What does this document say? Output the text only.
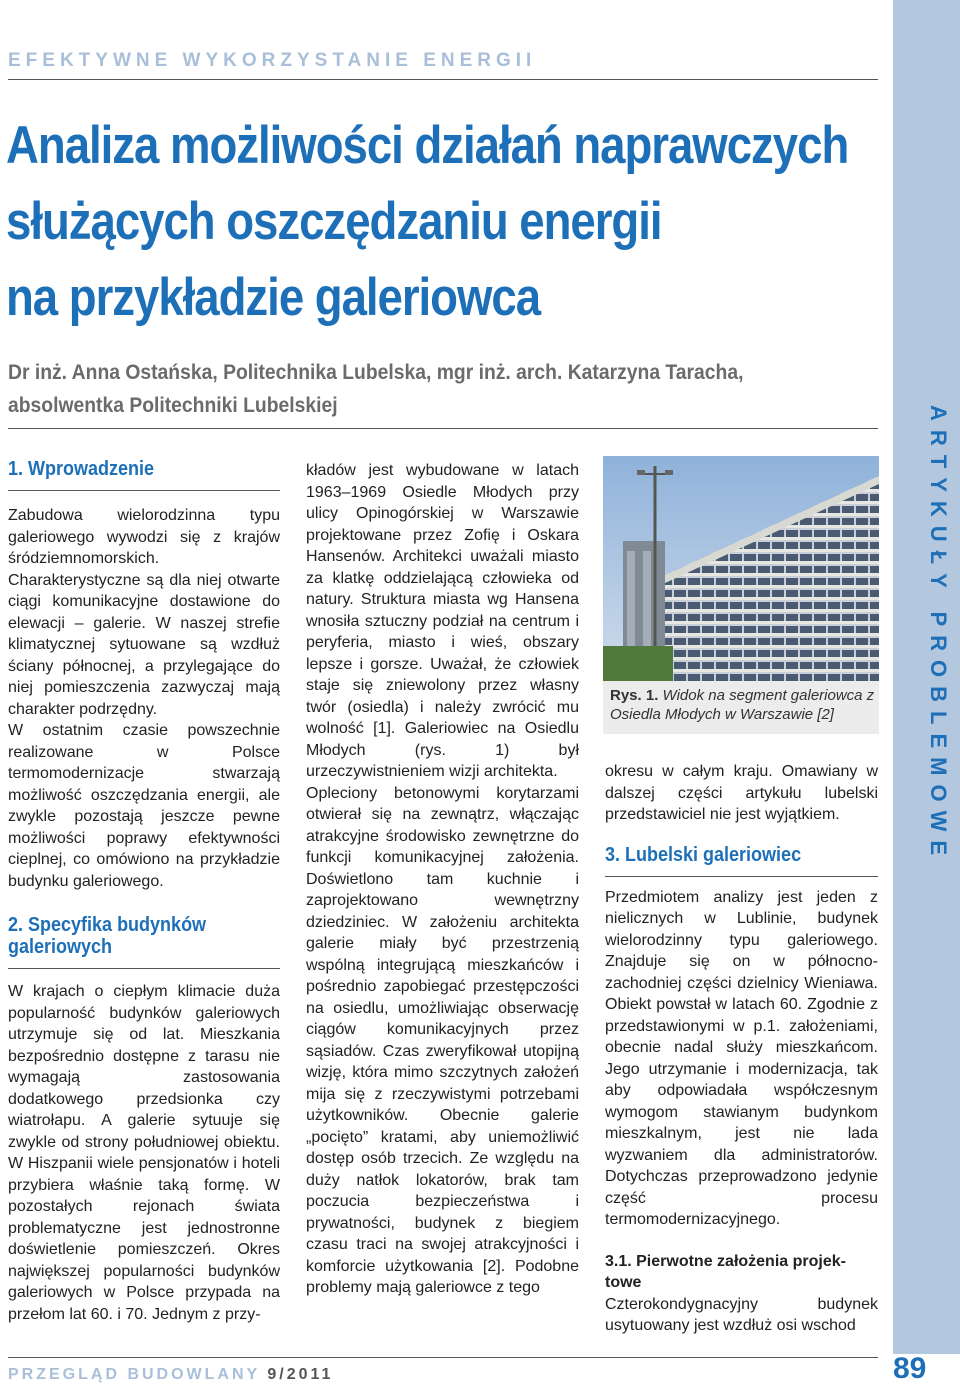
EFEKTYWNE WYKORZYSTANIE ENERGII
Analiza możliwości działań naprawczych
służących oszczędzaniu energii
na przykładzie galeriowca
Dr inż. Anna Ostańska, Politechnika Lubelska, mgr inż. arch. Katarzyna Taracha,
absolwentka Politechniki Lubelskiej
1. Wprowadzenie

Zabudowa wielorodzinna typu galeriowego wywodzi się z krajów śródziemnomorskich. Charakterystyczne są dla niej otwarte ciągi komunikacyjne dostawione do elewacji – galerie. W naszej strefie klimatycznej sytuowane są wzdłuż ściany północnej, a przylegające do niej pomieszczenia zazwyczaj mają charakter podrzędny.

W ostatnim czasie powszechnie realizowane w Polsce termomodernizacje stwarzają możliwość oszczędzania energii, ale zwykle pozostają jeszcze pewne możliwości poprawy efektywności cieplnej, co omówiono na przykładzie budynku galeriowego.

2. Specyfika budynków
galeriowych

W krajach o ciepłym klimacie duża popularność budynków galeriowych utrzymuje się od lat. Mieszkania bezpośrednio dostępne z tarasu nie wymagają zastosowania dodatkowego przedsionka czy wiatrołapu. A galerie sytuuje się zwykle od strony południowej obiektu. W Hiszpanii wiele pensjonatów i hoteli przybiera właśnie taką formę. W pozostałych rejonach świata problematyczne jest jednostronne doświetlenie pomieszczeń. Okres największej popularności budynków galeriowych w Polsce przypada na przełom lat 60. i 70. Jednym z przy-

kładów jest wybudowane w latach 1963–1969 Osiedle Młodych przy ulicy Opinogórskiej w Warszawie projektowane przez Zofię i Oskara Hansenów. Architekci uważali miasto za klatkę oddzielającą człowieka od natury. Struktura miasta wg Hansena wnosiła sztuczny podział na centrum i peryferia, miasto i wieś, obszary lepsze i gorsze. Uważał, że człowiek staje się zniewolony przez własny twór (osiedla) i należy zwrócić mu wolność [1]. Galeriowiec na Osiedlu Młodych (rys. 1) był urzeczywistnieniem wizji architekta.

Opleciony betonowymi korytarzami otwierał się na zewnątrz, włączając atrakcyjne środowisko zewnętrzne do funkcji komunikacyjnej założenia. Doświetlono tam kuchnie i zaprojektowano wewnętrzny dziedziniec. W założeniu architekta galerie miały być przestrzenią wspólną integrującą mieszkańców i pośrednio zapobiegać przestępczości na osiedlu, umożliwiając obserwację ciągów komunikacyjnych przez sąsiadów. Czas zweryfikował utopijną wizję, która mimo szczytnych założeń mija się z rzeczywistymi potrzebami użytkowników. Obecnie galerie „pocięto” kratami, aby uniemożliwić dostęp osób trzecich. Ze względu na duży natłok lokatorów, brak tam poczucia bezpieczeństwa i prywatności, budynek z biegiem czasu traci na swojej atrakcyjności i komforcie użytkowania [2]. Podobne problemy mają galeriowce z tego

Rys. 1. Widok na segment galeriowca z Osiedla Młodych w Warszawie [2]

okresu w całym kraju. Omawiany w dalszej części artykułu lubelski przedstawiciel nie jest wyjątkiem.

3. Lubelski galeriowiec

Przedmiotem analizy jest jeden z nielicznych w Lublinie, budynek wielorodzinny typu galeriowego. Znajduje się on w północno-zachodniej części dzielnicy Wieniawa. Obiekt powstał w latach 60. Zgodnie z przedstawionymi w p.1. założeniami, obecnie nadal służy mieszkańcom. Jego utrzymanie i modernizacja, tak aby odpowiadała współczesnym wymogom stawianym budynkom mieszkalnym, jest nie lada wyzwaniem dla administratorów. Dotychczas przeprowadzono jedynie część procesu termomodernizacyjnego.

3.1. Pierwotne założenia projek-
towe

Czterokondygnacyjny budynek usytuowany jest wzdłuż osi wschod

ARTYKUŁY PROBLEMOWE
PRZEGLĄD BUDOWLANY 9/2011	89
